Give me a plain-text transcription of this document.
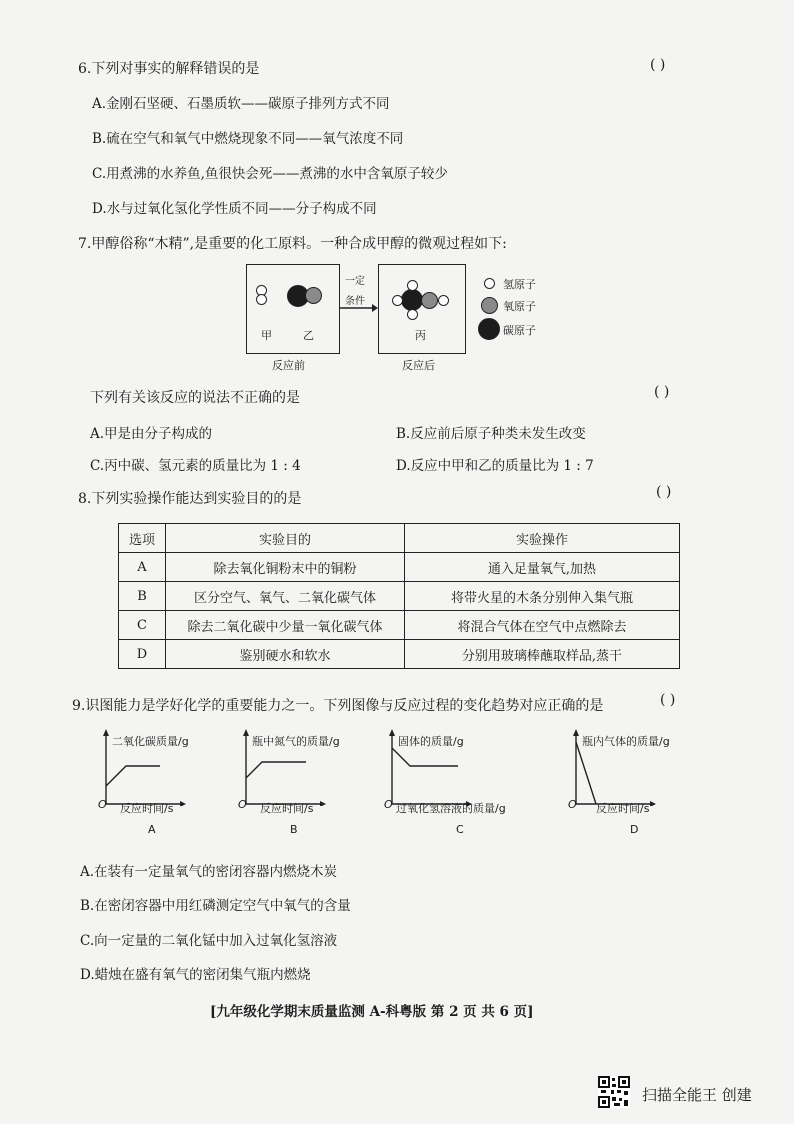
6.下列对事实的解释错误的是	( )
A.金刚石坚硬、石墨质软——碳原子排列方式不同
B.硫在空气和氧气中燃烧现象不同——氧气浓度不同
C.用煮沸的水养鱼,鱼很快会死——煮沸的水中含氧原子较少
D.水与过氧化氢化学性质不同——分子构成不同
7.甲醇俗称“木精”,是重要的化工原料。一种合成甲醇的微观过程如下:
甲	乙
反应前
一定
条件
丙
反应后
氢原子
氧原子
碳原子
下列有关该反应的说法不正确的是	( )
A.甲是由分子构成的	B.反应前后原子种类未发生改变
C.丙中碳、氢元素的质量比为 1 : 4	D.反应中甲和乙的质量比为 1 : 7
8.下列实验操作能达到实验目的的是	( )
选项	实验目的	实验操作
A	除去氧化铜粉末中的铜粉	通入足量氧气,加热
B	区分空气、氧气、二氧化碳气体	将带火星的木条分别伸入集气瓶
C	除去二氧化碳中少量一氧化碳气体	将混合气体在空气中点燃除去
D	鉴别硬水和软水	分别用玻璃棒蘸取样品,蒸干
9.识图能力是学好化学的重要能力之一。下列图像与反应过程的变化趋势对应正确的是	( )
二氧化碳质量/g
O 反应时间/s
A
瓶中氮气的质量/g
O 反应时间/s
B
固体的质量/g
O 过氧化氢溶液的质量/g
C
瓶内气体的质量/g
O 反应时间/s
D
A.在装有一定量氧气的密闭容器内燃烧木炭
B.在密闭容器中用红磷测定空气中氧气的含量
C.向一定量的二氧化锰中加入过氧化氢溶液
D.蜡烛在盛有氧气的密闭集气瓶内燃烧
[九年级化学期末质量监测 A-科粤版 第 2 页 共 6 页]
扫描全能王 创建
